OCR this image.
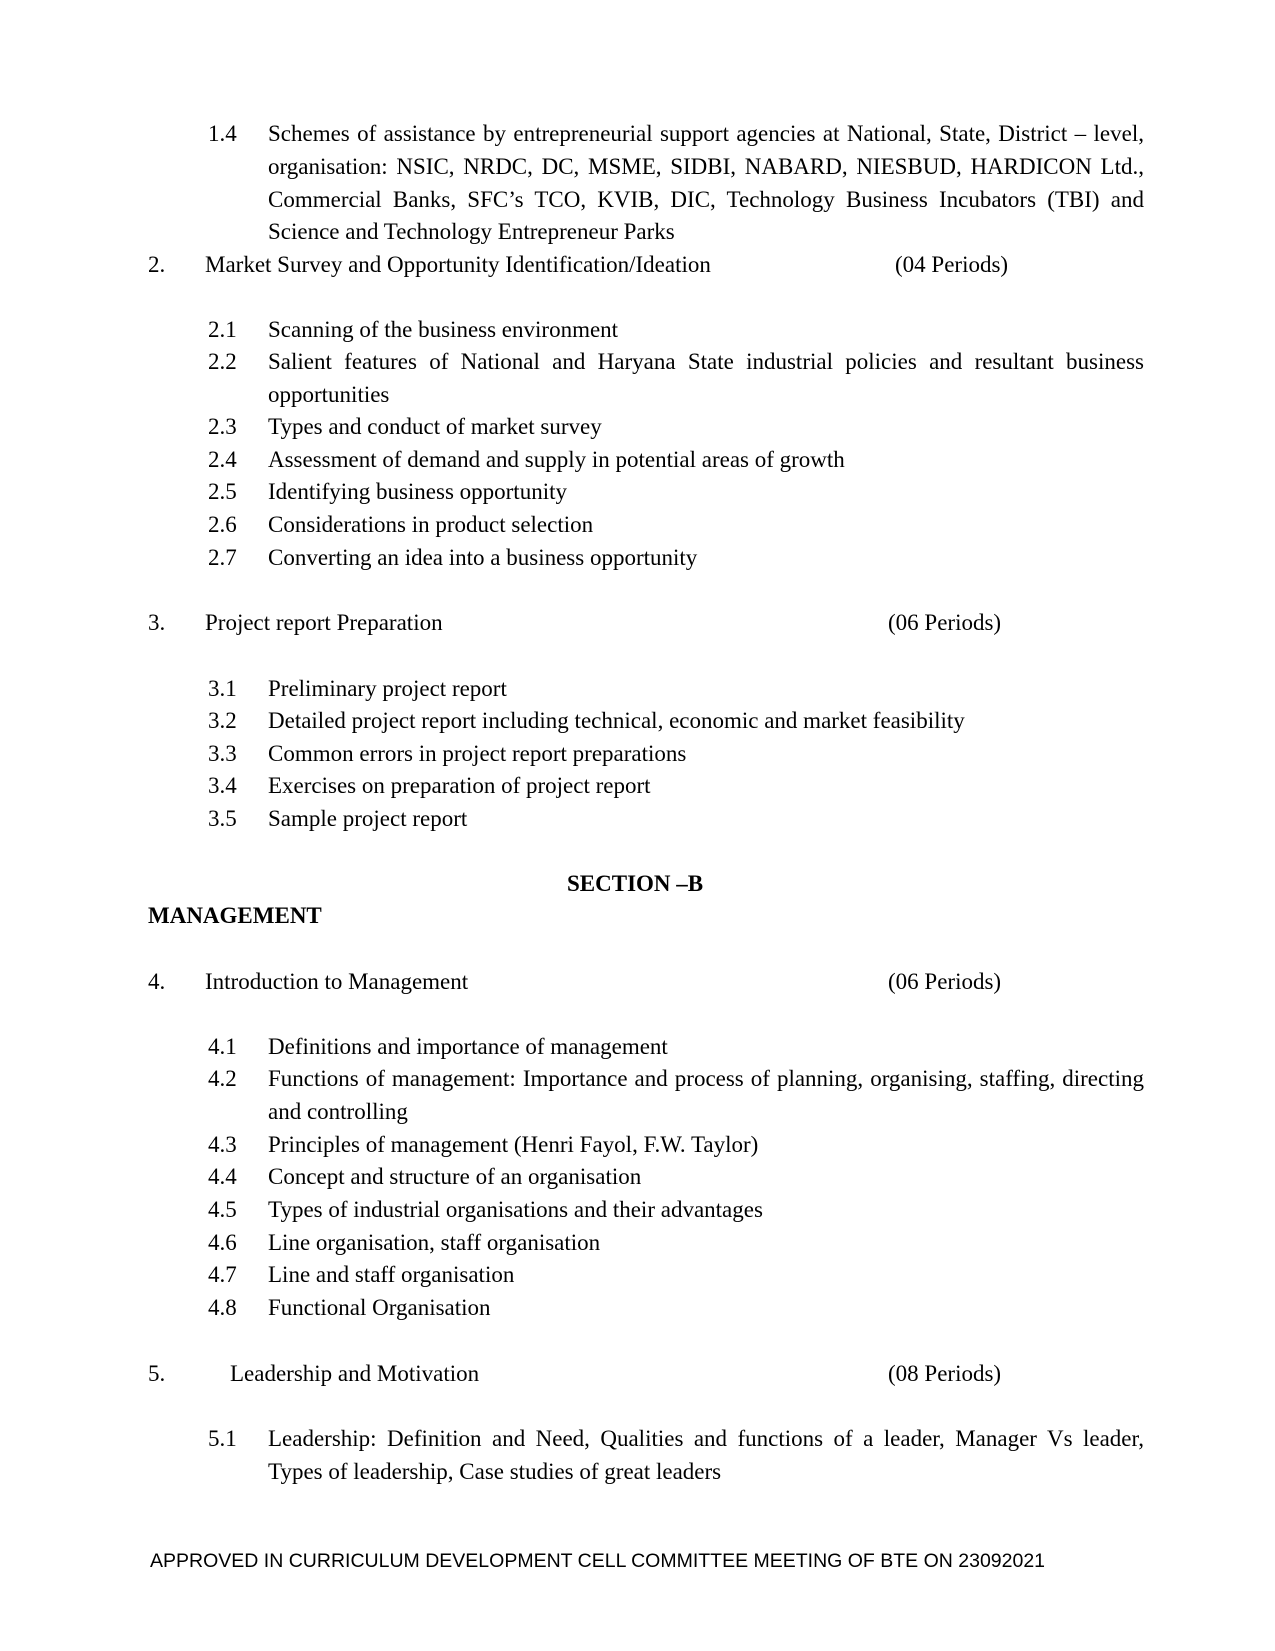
1.4 Schemes of assistance by entrepreneurial support agencies at National, State, District – level, organisation: NSIC, NRDC, DC, MSME, SIDBI, NABARD, NIESBUD, HARDICON Ltd., Commercial Banks, SFC’s TCO, KVIB, DIC, Technology Business Incubators (TBI) and Science and Technology Entrepreneur Parks
2. Market Survey and Opportunity Identification/Ideation	(04 Periods)
2.1 Scanning of the business environment
2.2 Salient features of National and Haryana State industrial policies and resultant business opportunities
2.3 Types and conduct of market survey
2.4 Assessment of demand and supply in potential areas of growth
2.5 Identifying business opportunity
2.6 Considerations in product selection
2.7 Converting an idea into a business opportunity
3. Project report Preparation	(06 Periods)
3.1 Preliminary project report
3.2 Detailed project report including technical, economic and market feasibility
3.3 Common errors in project report preparations
3.4 Exercises on preparation of project report
3.5 Sample project report
SECTION –B
MANAGEMENT
4. Introduction to Management	(06 Periods)
4.1 Definitions and importance of management
4.2 Functions of management: Importance and process of planning, organising, staffing, directing and controlling
4.3 Principles of management (Henri Fayol, F.W. Taylor)
4.4 Concept and structure of an organisation
4.5 Types of industrial organisations and their advantages
4.6 Line organisation, staff organisation
4.7 Line and staff organisation
4.8 Functional Organisation
5.	Leadership and Motivation	(08 Periods)
5.1 Leadership: Definition and Need, Qualities and functions of a leader, Manager Vs leader, Types of leadership, Case studies of great leaders
APPROVED IN CURRICULUM DEVELOPMENT CELL COMMITTEE MEETING OF BTE ON 23092021
